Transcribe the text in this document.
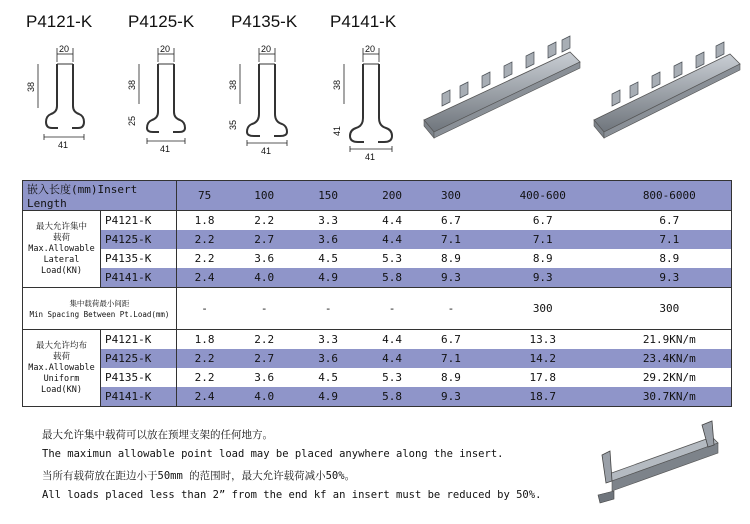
P4121-K P4125-K P4135-K P4141-K
20
38
41
20
38
25
41
20
38
35
41
20
38
41
41
嵌入长度(mm)Insert Length		75	100	150	200	300	400-600	800-6000

最大允许集中
载荷
Max.Allowable
Lateral
Load(KN)	P4121-K	1.8	2.2	3.3	4.4	6.7	6.7	6.7
	P4125-K	2.2	2.7	3.6	4.4	7.1	7.1	7.1
	P4135-K	2.2	3.6	4.5	5.3	8.9	8.9	8.9
	P4141-K	2.4	4.0	4.9	5.8	9.3	9.3	9.3

集中载荷最小间距
Min Spacing Between Pt.Load(mm)		-	-	-	-	-	300	300

最大允许均布
载荷
Max.Allowable
Uniform
Load(KN)	P4121-K	1.8	2.2	3.3	4.4	6.7	13.3	21.9KN/m
	P4125-K	2.2	2.7	3.6	4.4	7.1	14.2	23.4KN/m
	P4135-K	2.2	3.6	4.5	5.3	8.9	17.8	29.2KN/m
	P4141-K	2.4	4.0	4.9	5.8	9.3	18.7	30.7KN/m
最大允许集中载荷可以放在预埋支架的任何地方。
The maximun allowable point load may be placed anywhere along the insert.
当所有载荷放在距边小于50mm 的范围时，最大允许载荷减小50%。
All loads placed less than 2” from the end kf an insert must be reduced by 50%.
